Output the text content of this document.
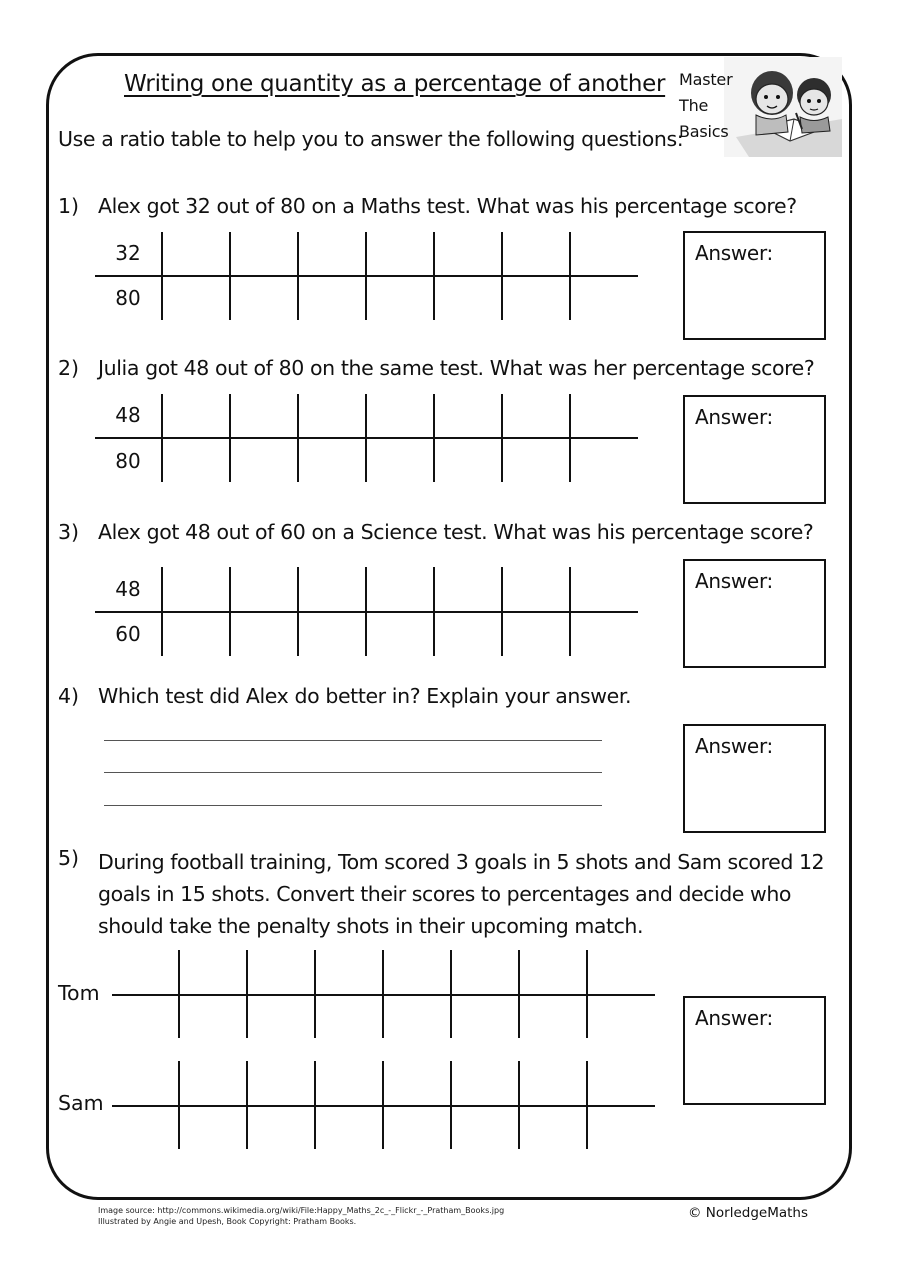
Writing one quantity as a percentage of another
Use a ratio table to help you to answer the following questions:
Master
The
Basics
1) Alex got 32 out of 80 on a Maths test. What was his percentage score?
32
80
Answer:
2) Julia got 48 out of 80 on the same test. What was her percentage score?
48
80
Answer:
3) Alex got 48 out of 60 on a Science test. What was his percentage score?
48
60
Answer:
4) Which test did Alex do better in? Explain your answer.
Answer:
5) During football training, Tom scored 3 goals in 5 shots and Sam scored 12 goals in 15 shots. Convert their scores to percentages and decide who should take the penalty shots in their upcoming match.
Tom
Sam
Answer:
Image source: http://commons.wikimedia.org/wiki/File:Happy_Maths_2c_-_Flickr_-_Pratham_Books.jpg
Illustrated by Angie and Upesh, Book Copyright: Pratham Books.
© NorledgeMaths
